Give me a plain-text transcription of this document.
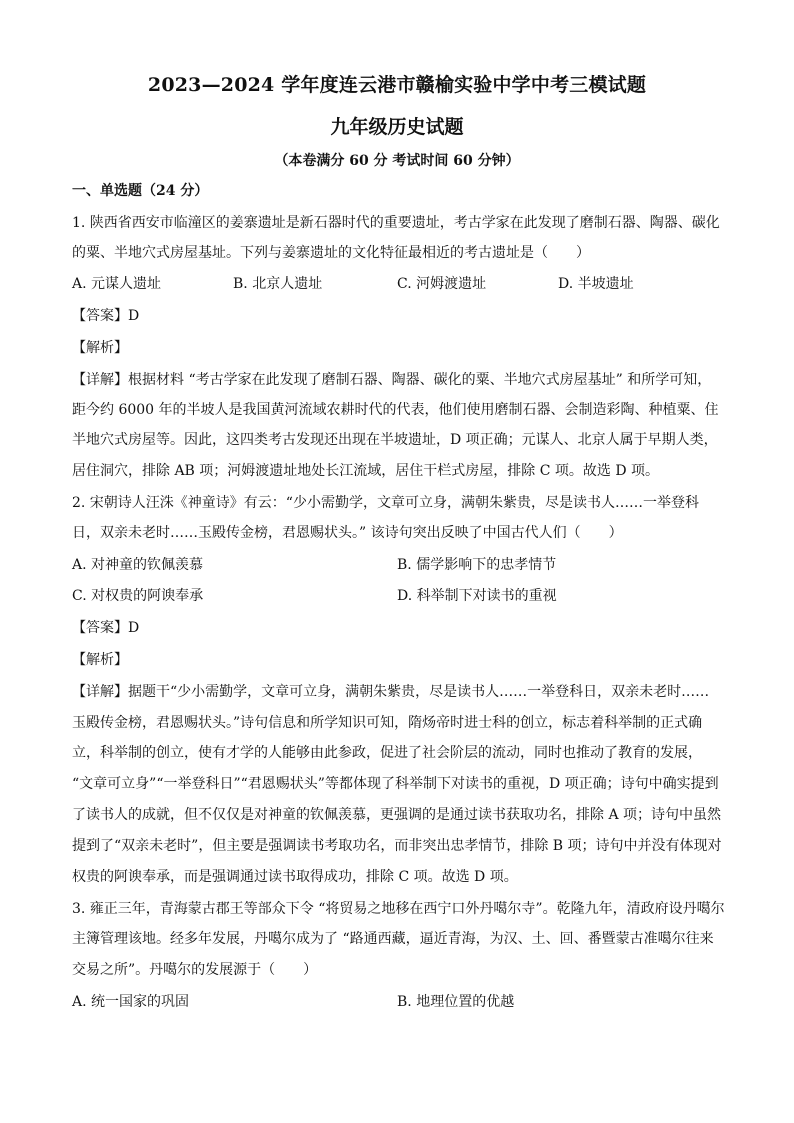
2023—2024 学年度连云港市赣榆实验中学中考三模试题
九年级历史试题
（本卷满分 60 分 考试时间 60 分钟）
一、单选题（24 分）
1. 陕西省西安市临潼区的姜寨遗址是新石器时代的重要遗址，考古学家在此发现了磨制石器、陶器、碳化
的粟、半地穴式房屋基址。下列与姜寨遗址的文化特征最相近的考古遗址是（　　）
A. 元谋人遗址	B. 北京人遗址	C. 河姆渡遗址	D. 半坡遗址
【答案】D
【解析】
【详解】根据材料 “考古学家在此发现了磨制石器、陶器、碳化的粟、半地穴式房屋基址” 和所学可知，
距今约 6000 年的半坡人是我国黄河流域农耕时代的代表，他们使用磨制石器、会制造彩陶、种植粟、住
半地穴式房屋等。因此，这四类考古发现还出现在半坡遗址，D 项正确；元谋人、北京人属于早期人类，
居住洞穴，排除 AB 项；河姆渡遗址地处长江流域，居住干栏式房屋，排除 C 项。故选 D 项。
2. 宋朝诗人汪洙《神童诗》有云：“少小需勤学，文章可立身，满朝朱紫贵，尽是读书人……一举登科
日，双亲未老时……玉殿传金榜，君恩赐状头。” 该诗句突出反映了中国古代人们（　　）
A. 对神童的钦佩羡慕	B. 儒学影响下的忠孝情节
C. 对权贵的阿谀奉承	D. 科举制下对读书的重视
【答案】D
【解析】
【详解】据题干“少小需勤学，文章可立身，满朝朱紫贵，尽是读书人……一举登科日，双亲未老时……
玉殿传金榜，君恩赐状头。”诗句信息和所学知识可知，隋炀帝时进士科的创立，标志着科举制的正式确
立，科举制的创立，使有才学的人能够由此参政，促进了社会阶层的流动，同时也推动了教育的发展，
“文章可立身”“一举登科日”“君恩赐状头”等都体现了科举制下对读书的重视，D 项正确；诗句中确实提到
了读书人的成就，但不仅仅是对神童的钦佩羡慕，更强调的是通过读书获取功名，排除 A 项；诗句中虽然
提到了“双亲未老时”，但主要是强调读书考取功名，而非突出忠孝情节，排除 B 项；诗句中并没有体现对
权贵的阿谀奉承，而是强调通过读书取得成功，排除 C 项。故选 D 项。
3. 雍正三年，青海蒙古郡王等部众下令 “将贸易之地移在西宁口外丹噶尔寺”。乾隆九年，清政府设丹噶尔
主簿管理该地。经多年发展，丹噶尔成为了 “路通西藏，逼近青海，为汉、土、回、番暨蒙古准噶尔往来
交易之所”。丹噶尔的发展源于（　　）
A. 统一国家的巩固	B. 地理位置的优越
